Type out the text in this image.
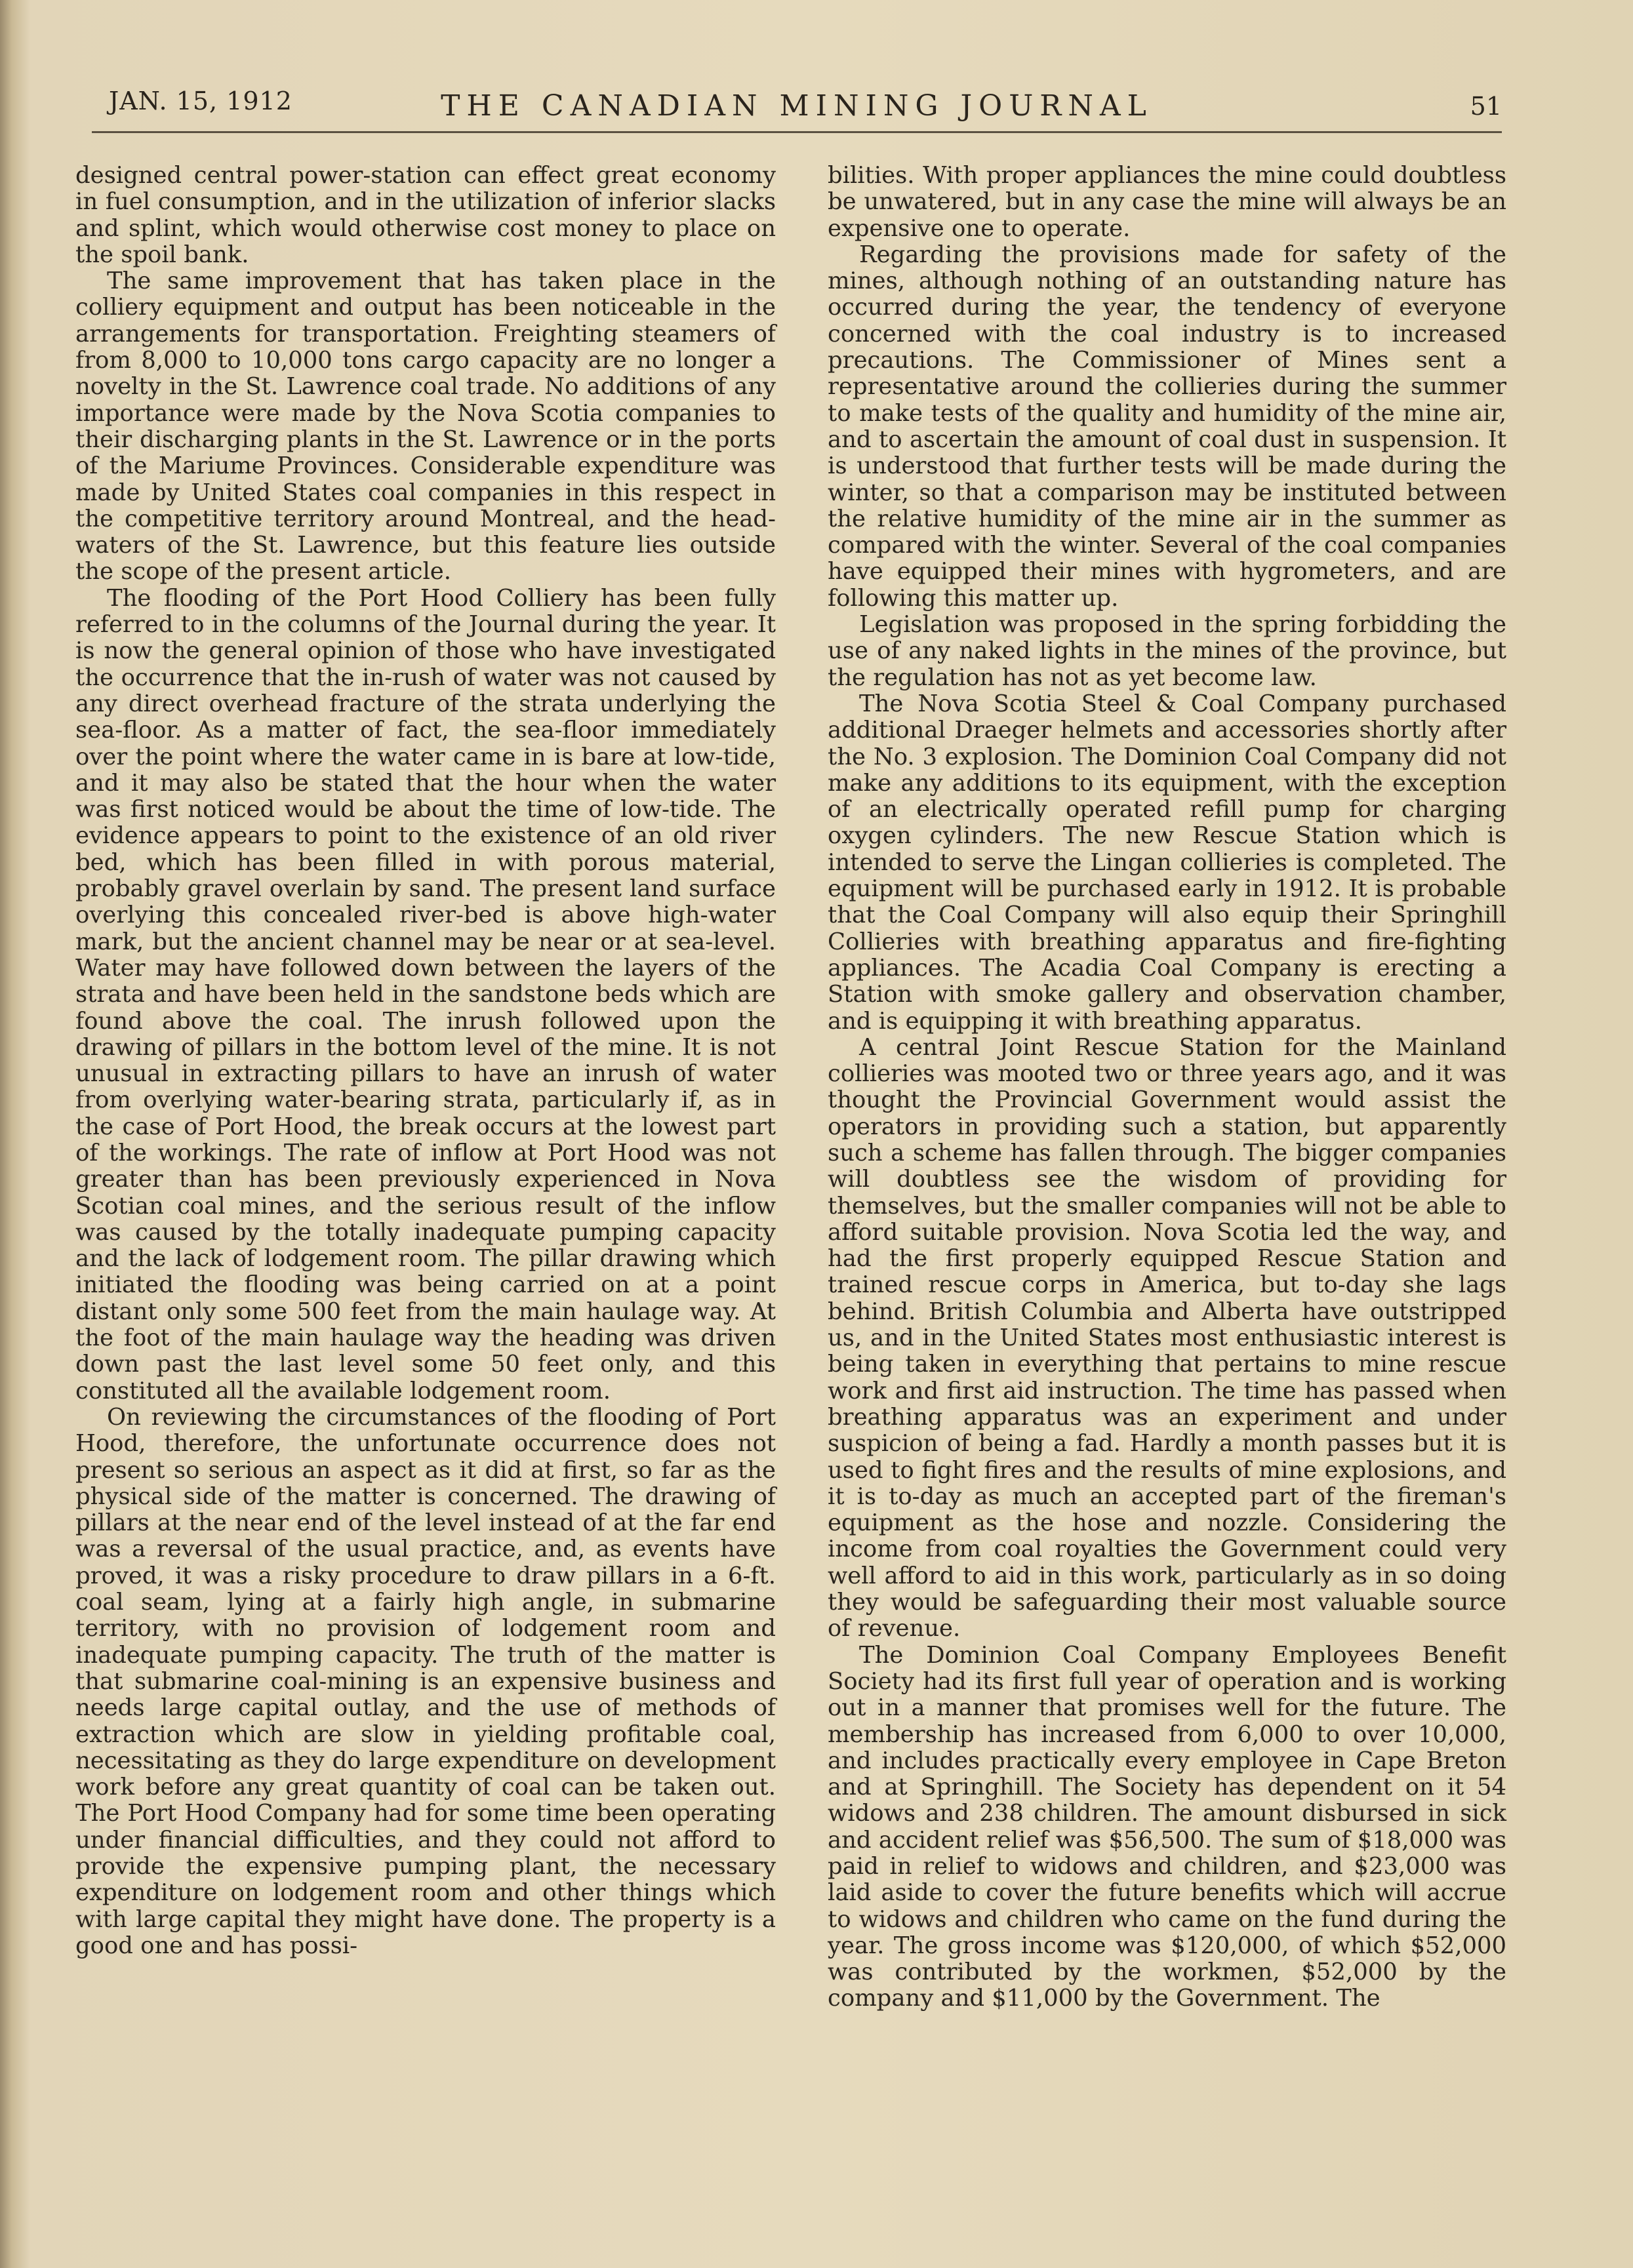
JAN. 15, 1912	THE CANADIAN MINING JOURNAL	51

designed central power-station can effect great economy in fuel consumption, and in the utilization of inferior slacks and splint, which would otherwise cost money to place on the spoil bank.

The same improvement that has taken place in the colliery equipment and output has been noticeable in the arrangements for transportation. Freighting steamers of from 8,000 to 10,000 tons cargo capacity are no longer a novelty in the St. Lawrence coal trade. No additions of any importance were made by the Nova Scotia companies to their discharging plants in the St. Lawrence or in the ports of the Mariume Provinces. Considerable expenditure was made by United States coal companies in this respect in the competitive territory around Montreal, and the head-waters of the St. Lawrence, but this feature lies outside the scope of the present article.

The flooding of the Port Hood Colliery has been fully referred to in the columns of the Journal during the year. It is now the general opinion of those who have investigated the occurrence that the in-rush of water was not caused by any direct overhead fracture of the strata underlying the sea-floor. As a matter of fact, the sea-floor immediately over the point where the water came in is bare at low-tide, and it may also be stated that the hour when the water was first noticed would be about the time of low-tide. The evidence appears to point to the existence of an old river bed, which has been filled in with porous material, probably gravel overlain by sand. The present land surface overlying this concealed river-bed is above high-water mark, but the ancient channel may be near or at sea-level. Water may have followed down between the layers of the strata and have been held in the sandstone beds which are found above the coal. The inrush followed upon the drawing of pillars in the bottom level of the mine. It is not unusual in extracting pillars to have an inrush of water from overlying water-bearing strata, particularly if, as in the case of Port Hood, the break occurs at the lowest part of the workings. The rate of inflow at Port Hood was not greater than has been previously experienced in Nova Scotian coal mines, and the serious result of the inflow was caused by the totally inadequate pumping capacity and the lack of lodgement room. The pillar drawing which initiated the flooding was being carried on at a point distant only some 500 feet from the main haulage way. At the foot of the main haulage way the heading was driven down past the last level some 50 feet only, and this constituted all the available lodgement room.

On reviewing the circumstances of the flooding of Port Hood, therefore, the unfortunate occurrence does not present so serious an aspect as it did at first, so far as the physical side of the matter is concerned. The drawing of pillars at the near end of the level instead of at the far end was a reversal of the usual practice, and, as events have proved, it was a risky procedure to draw pillars in a 6-ft. coal seam, lying at a fairly high angle, in submarine territory, with no provision of lodgement room and inadequate pumping capacity. The truth of the matter is that submarine coal-mining is an expensive business and needs large capital outlay, and the use of methods of extraction which are slow in yielding profitable coal, necessitating as they do large expenditure on development work before any great quantity of coal can be taken out. The Port Hood Company had for some time been operating under financial difficulties, and they could not afford to provide the expensive pumping plant, the necessary expenditure on lodgement room and other things which with large capital they might have done. The property is a good one and has possi-

bilities. With proper appliances the mine could doubtless be unwatered, but in any case the mine will always be an expensive one to operate.

Regarding the provisions made for safety of the mines, although nothing of an outstanding nature has occurred during the year, the tendency of everyone concerned with the coal industry is to increased precautions. The Commissioner of Mines sent a representative around the collieries during the summer to make tests of the quality and humidity of the mine air, and to ascertain the amount of coal dust in suspension. It is understood that further tests will be made during the winter, so that a comparison may be instituted between the relative humidity of the mine air in the summer as compared with the winter. Several of the coal companies have equipped their mines with hygrometers, and are following this matter up.

Legislation was proposed in the spring forbidding the use of any naked lights in the mines of the province, but the regulation has not as yet become law.

The Nova Scotia Steel & Coal Company purchased additional Draeger helmets and accessories shortly after the No. 3 explosion. The Dominion Coal Company did not make any additions to its equipment, with the exception of an electrically operated refill pump for charging oxygen cylinders. The new Rescue Station which is intended to serve the Lingan collieries is completed. The equipment will be purchased early in 1912. It is probable that the Coal Company will also equip their Springhill Collieries with breathing apparatus and fire-fighting appliances. The Acadia Coal Company is erecting a Station with smoke gallery and observation chamber, and is equipping it with breathing apparatus.

A central Joint Rescue Station for the Mainland collieries was mooted two or three years ago, and it was thought the Provincial Government would assist the operators in providing such a station, but apparently such a scheme has fallen through. The bigger companies will doubtless see the wisdom of providing for themselves, but the smaller companies will not be able to afford suitable provision. Nova Scotia led the way, and had the first properly equipped Rescue Station and trained rescue corps in America, but to-day she lags behind. British Columbia and Alberta have outstripped us, and in the United States most enthusiastic interest is being taken in everything that pertains to mine rescue work and first aid instruction. The time has passed when breathing apparatus was an experiment and under suspicion of being a fad. Hardly a month passes but it is used to fight fires and the results of mine explosions, and it is to-day as much an accepted part of the fireman's equipment as the hose and nozzle. Considering the income from coal royalties the Government could very well afford to aid in this work, particularly as in so doing they would be safeguarding their most valuable source of revenue.

The Dominion Coal Company Employees Benefit Society had its first full year of operation and is working out in a manner that promises well for the future. The membership has increased from 6,000 to over 10,000, and includes practically every employee in Cape Breton and at Springhill. The Society has dependent on it 54 widows and 238 children. The amount disbursed in sick and accident relief was $56,500. The sum of $18,000 was paid in relief to widows and children, and $23,000 was laid aside to cover the future benefits which will accrue to widows and children who came on the fund during the year. The gross income was $120,000, of which $52,000 was contributed by the workmen, $52,000 by the company and $11,000 by the Government. The
